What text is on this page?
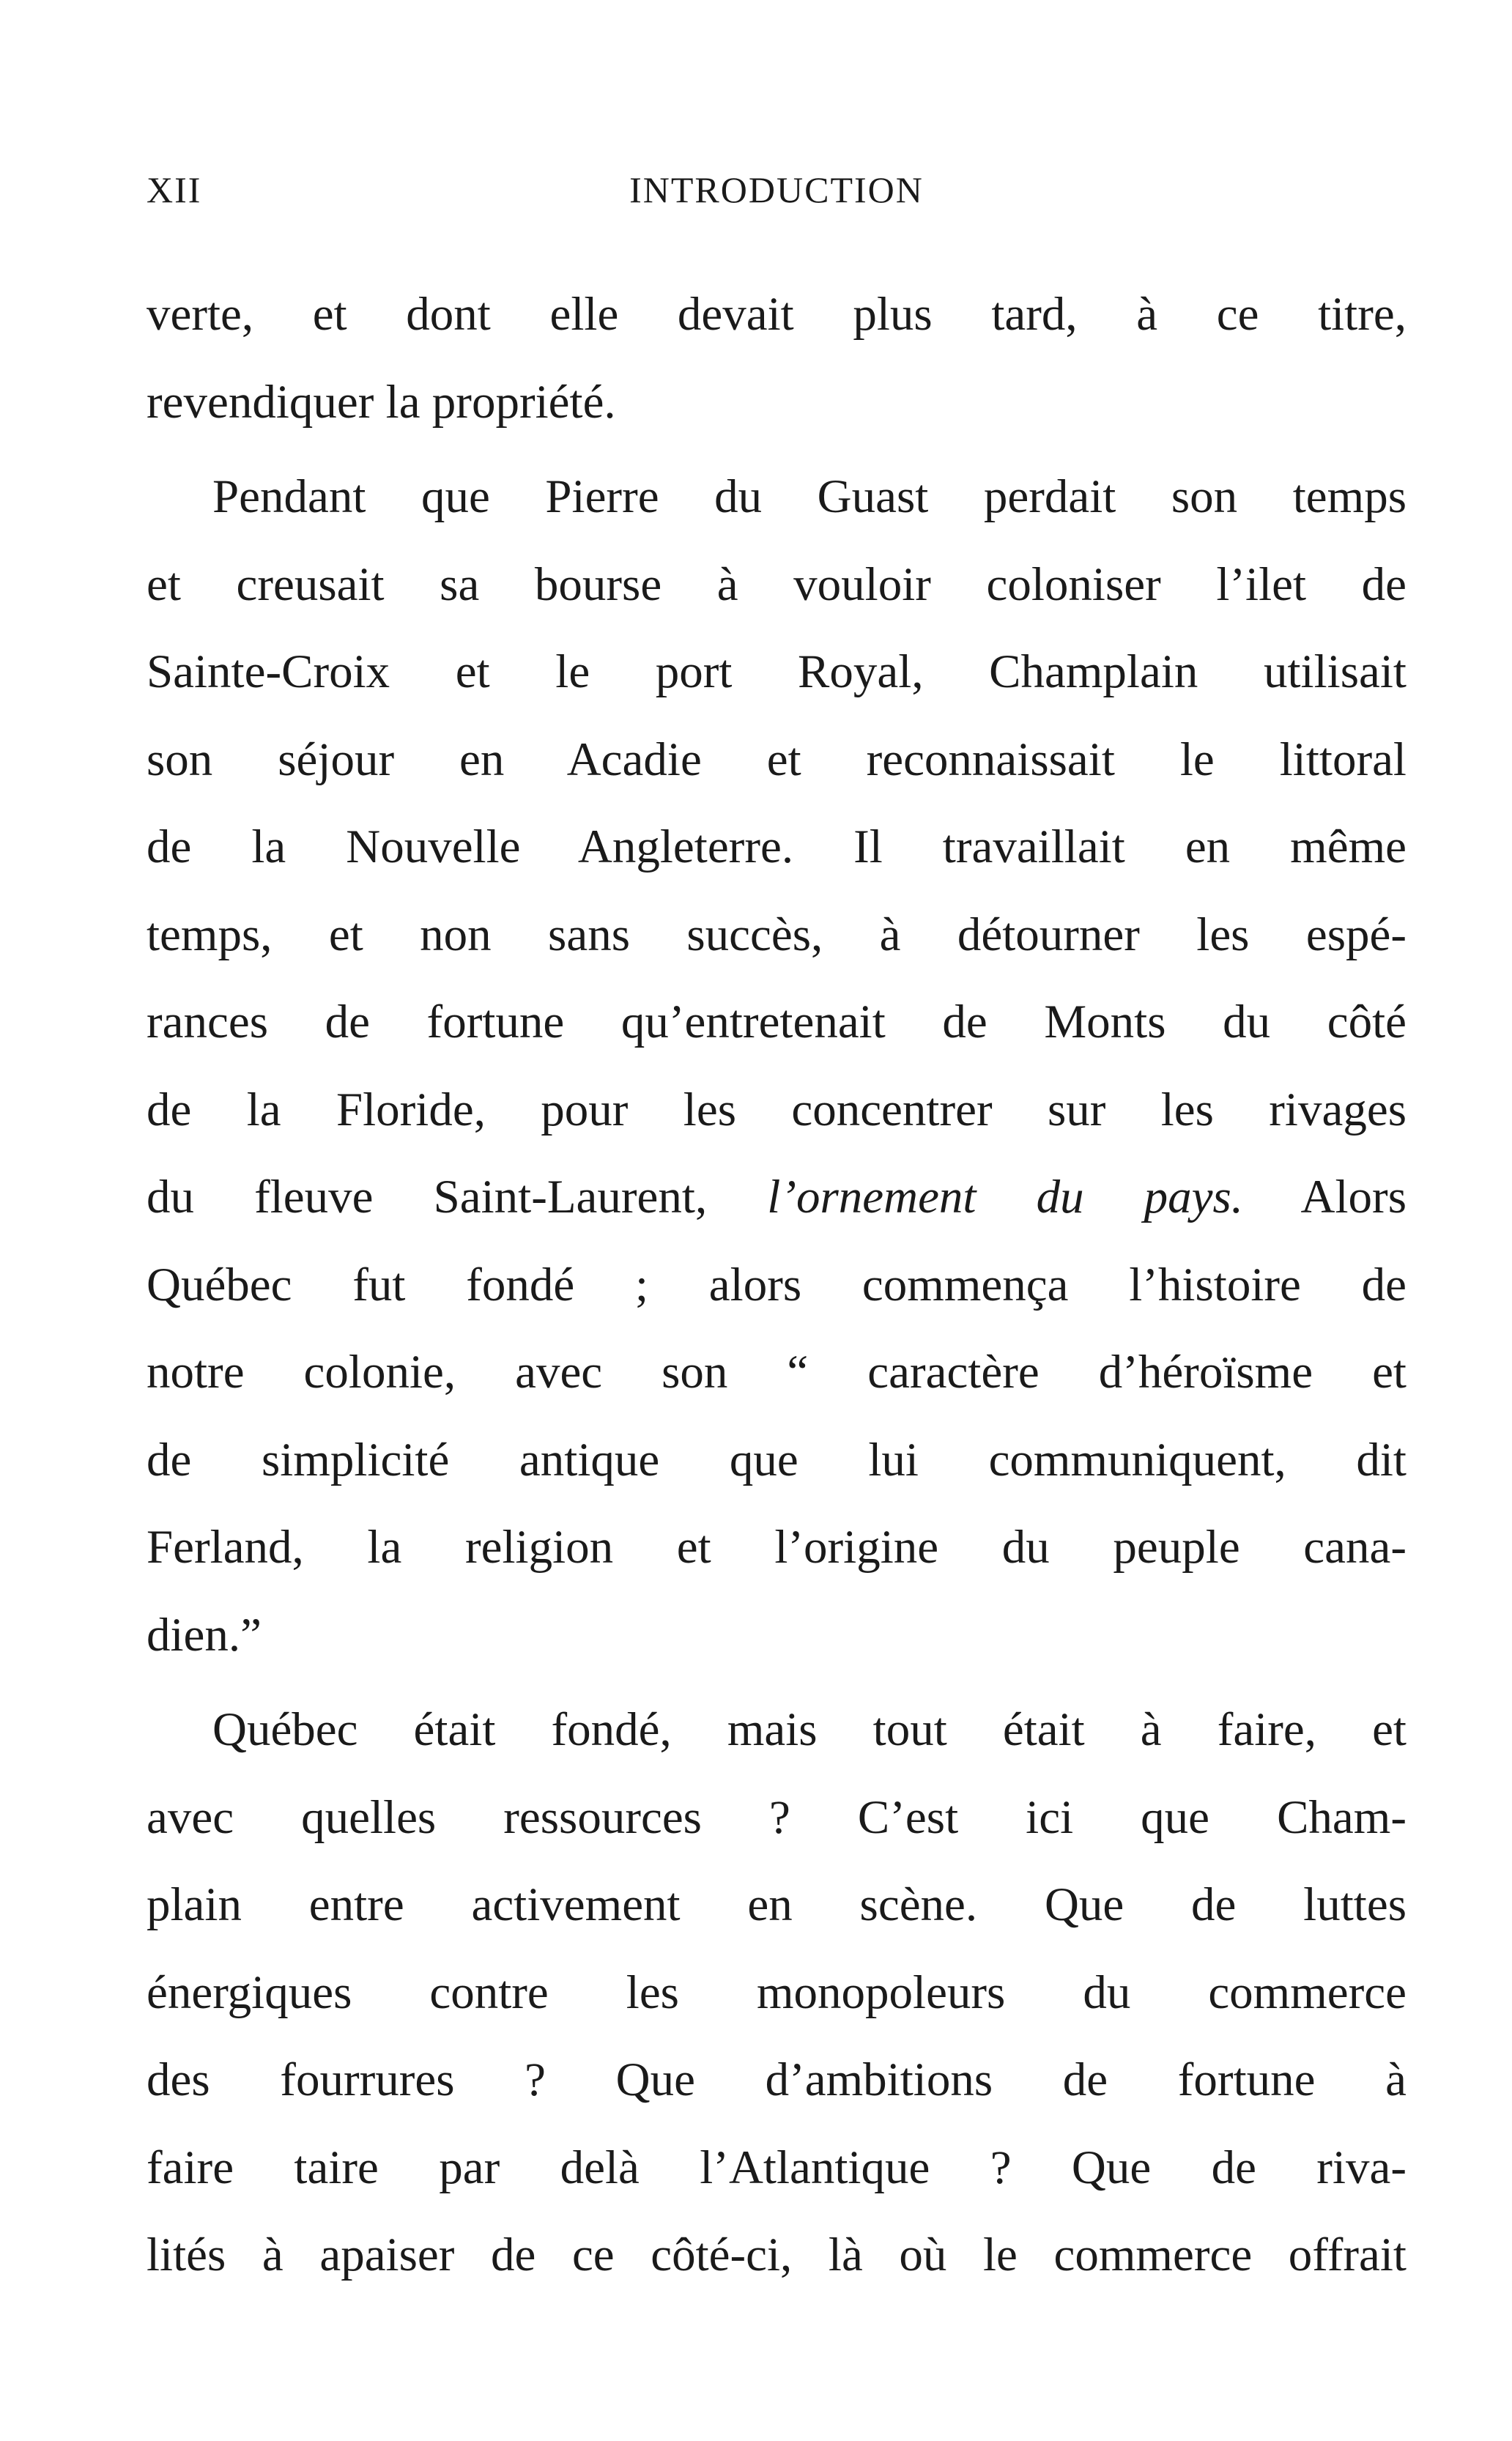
XII	INTRODUCTION
verte, et dont elle devait plus tard, à ce titre,
revendiquer la propriété.
Pendant que Pierre du Guast perdait son temps
et creusait sa bourse à vouloir coloniser l’ilet de
Sainte-Croix et le port Royal, Champlain utilisait
son séjour en Acadie et reconnaissait le littoral
de la Nouvelle Angleterre. Il travaillait en même
temps, et non sans succès, à détourner les espé-
rances de fortune qu’entretenait de Monts du côté
de la Floride, pour les concentrer sur les rivages
du fleuve Saint-Laurent, l’ornement du pays. Alors
Québec fut fondé ; alors commença l’histoire de
notre colonie, avec son “ caractère d’héroïsme et
de simplicité antique que lui communiquent, dit
Ferland, la religion et l’origine du peuple cana-
dien.”
Québec était fondé, mais tout était à faire, et
avec quelles ressources ? C’est ici que Cham-
plain entre activement en scène. Que de luttes
énergiques contre les monopoleurs du commerce
des fourrures ? Que d’ambitions de fortune à
faire taire par delà l’Atlantique ? Que de riva-
lités à apaiser de ce côté-ci, là où le commerce offrait
